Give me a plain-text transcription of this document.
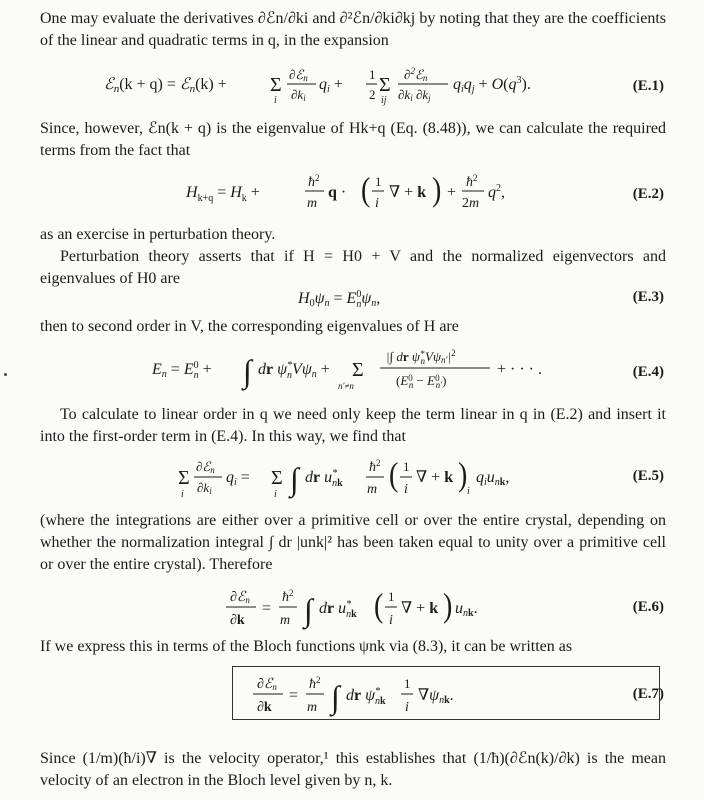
One may evaluate the derivatives ∂ℰn/∂ki and ∂²ℰn/∂ki∂kj by noting that they are the coefficients of the linear and quadratic terms in q, in the expansion
ℰn(k + q) = ℰn(k) + Σ
i
∂ℰn
∂ki
qi +
1
2 Σ
ij
∂$^2$ℰn
∂ki ∂kj
qiqj + $O(q^3)$.	(E.1)
Since, however, ℰn(k + q) is the eigenvalue of Hk+q (Eq. (8.48)), we can calculate the required terms from the fact that
$H_{k+q} = H_k$ +
$ħ^2$
m
q · ( 1
i
∇ + k ) +
$ħ^2$
2m
$q^2$,	(E.2)
as an exercise in perturbation theory.
Perturbation theory asserts that if H = H0 + V and the normalized eigenvectors and eigenvalues of H0 are
$H0\psi n = E^0$ nψn,	(E.3)
then to second order in V, the corresponding eigenvalues of H are
$En = E^0$ n + ∫ dr ψ* nVψn + Σ
n′≠n
|∫ dr ψ* $nV\psi n'|^2$
($E^0$ $n - E^0$ n′)
+ · · · .	(E.4)
To calculate to linear order in q we need only keep the term linear in q in (E.2) and insert it into the first-order term in (E.4). In this way, we find that
Σ
i
∂ℰn
∂ki
qi = Σ
i ∫ dr u* nk
$ħ^2$
m ( 1
i
∇ + k ) i
qiunk,	(E.5)
(where the integrations are either over a primitive cell or over the entire crystal, depending on whether the normalization integral ∫ dr |unk|² has been taken equal to unity over a primitive cell or over the entire crystal). Therefore
∂ℰn
∂k
=
$ħ^2$
m ∫ dr u* nk ( 1
i
∇ + k ) unk.	(E.6)
If we express this in terms of the Bloch functions ψnk via (8.3), it can be written as
∂ℰn
∂k
=
$ħ^2$
m ∫ dr ψ* nk
1
i
∇ψnk.	(E.7)
Since (1/m)(ħ/i)∇ is the velocity operator,¹ this establishes that (1/ħ)(∂ℰn(k)/∂k) is the mean velocity of an electron in the Bloch level given by n, k.
